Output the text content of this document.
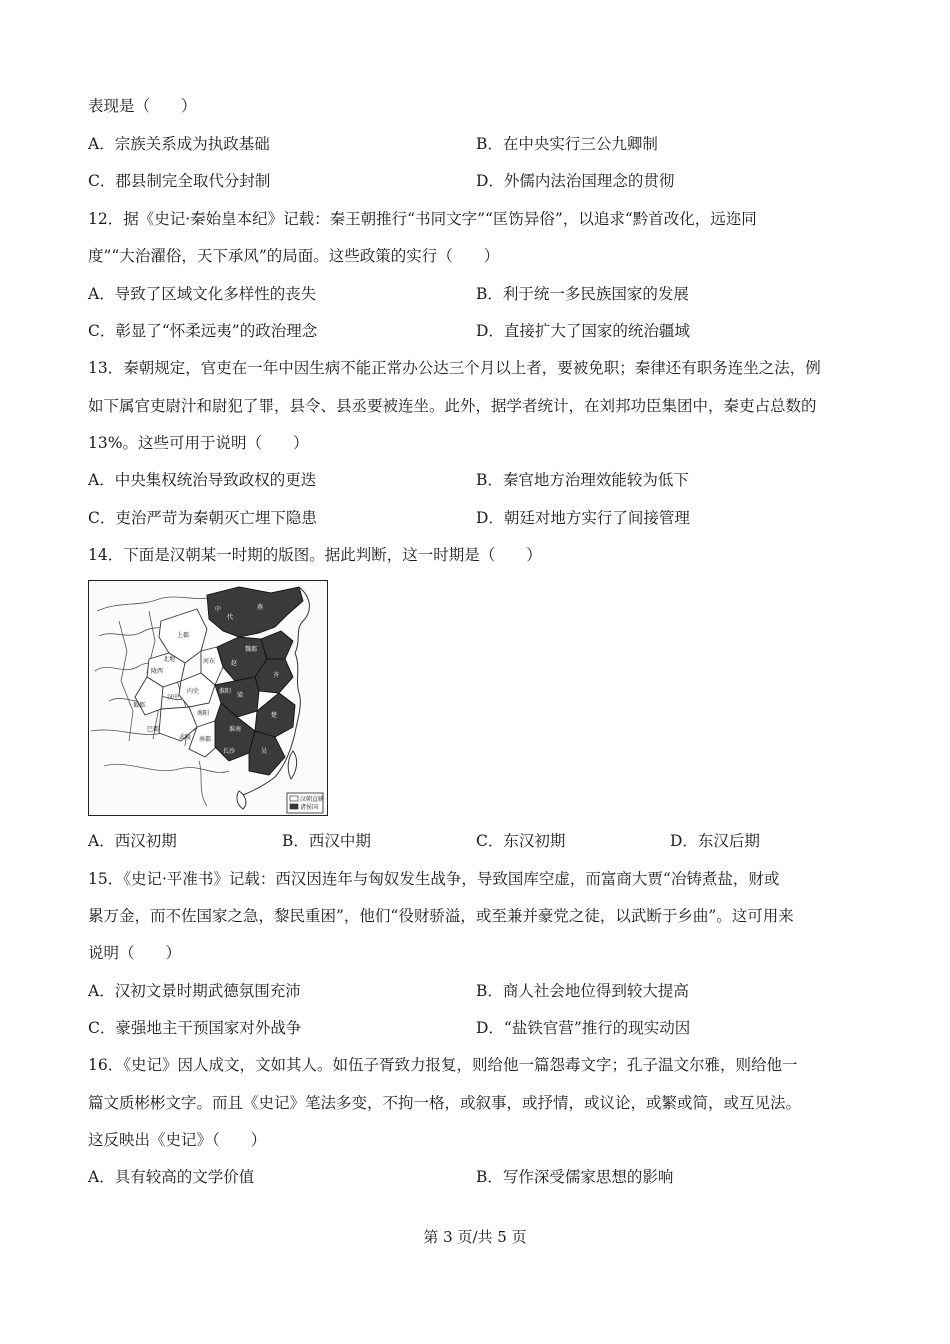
表现是（　　）
A．宗族关系成为执政基础	B．在中央实行三公九卿制
C．郡县制完全取代分封制	D．外儒内法治国理念的贯彻
12．据《史记·秦始皇本纪》记载：秦王朝推行“书同文字”“匡饬异俗”，以追求“黔首改化，远迩同
度”“大治濯俗，天下承风”的局面。这些政策的实行（　　）
A．导致了区域文化多样性的丧失	B．利于统一多民族国家的发展
C．彰显了“怀柔远夷”的政治理念	D．直接扩大了国家的统治疆域
13．秦朝规定，官吏在一年中因生病不能正常办公达三个月以上者，要被免职；秦律还有职务连坐之法，例
如下属官吏尉汁和尉犯了罪，县令、县丞要被连坐。此外，据学者统计，在刘邦功臣集团中，秦吏占总数的
13%。这些可用于说明（　　）
A．中央集权统治导致政权的更迭	B．秦官地方治理效能较为低下
C．吏治严苛为秦朝灭亡埋下隐患	D．朝廷对地方实行了间接管理
14．下面是汉朝某一时期的版图。据此判断，这一时期是（　　）
汉朝直辖
诸侯国
燕
代
中
上郡
魏郡
赵
梁
齐
楚
淮南
吴
长沙
巴郡
蜀郡
陇西
北地
内史
河东
南阳
汉中
武陵 南郡
淮阳
A．西汉初期	B．西汉中期	C．东汉初期	D．东汉后期
15．《史记·平准书》记载：西汉因连年与匈奴发生战争，导致国库空虚，而富商大贾“冶铸煮盐，财或
累万金，而不佐国家之急，黎民重困”，他们“役财骄溢，或至兼并豪党之徒，以武断于乡曲”。这可用来
说明（　　）
A．汉初文景时期武德氛围充沛	B．商人社会地位得到较大提高
C．豪强地主干预国家对外战争	D．“盐铁官营”推行的现实动因
16．《史记》因人成文，文如其人。如伍子胥致力报复，则给他一篇怨毒文字；孔子温文尔雅，则给他一
篇文质彬彬文字。而且《史记》笔法多变，不拘一格，或叙事，或抒情，或议论，或繁或简，或互见法。
这反映出《史记》（　　）
A．具有较高的文学价值	B．写作深受儒家思想的影响
第 3 页/共 5 页
